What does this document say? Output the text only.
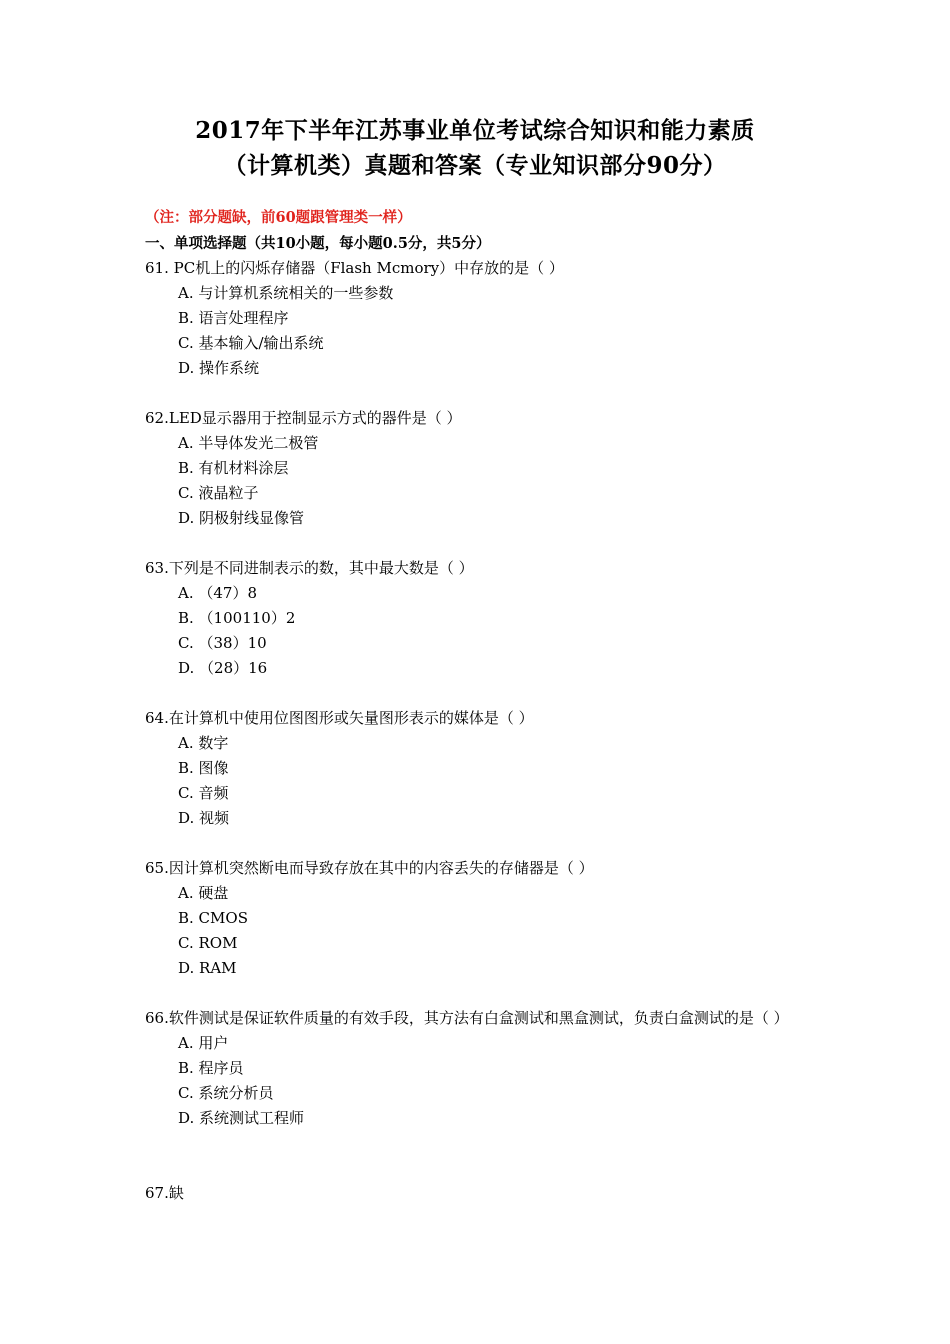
2017年下半年江苏事业单位考试综合知识和能力素质
（计算机类）真题和答案（专业知识部分90分）
（注：部分题缺，前60题跟管理类一样）
一、单项选择题（共10小题，每小题0.5分，共5分）
61. PC机上的闪烁存储器（Flash Mcmory）中存放的是（ ）
A. 与计算机系统相关的一些参数
B. 语言处理程序
C. 基本输入/输出系统
D. 操作系统
62.LED显示器用于控制显示方式的器件是（ ）
A. 半导体发光二极管
B. 有机材料涂层
C. 液晶粒子
D. 阴极射线显像管
63.下列是不同进制表示的数，其中最大数是（ ）
A. （47）8
B. （100110）2
C. （38）10
D. （28）16
64.在计算机中使用位图图形或矢量图形表示的媒体是（ ）
A. 数字
B. 图像
C. 音频
D. 视频
65.因计算机突然断电而导致存放在其中的内容丢失的存储器是（ ）
A. 硬盘
B. CMOS
C. ROM
D. RAM
66.软件测试是保证软件质量的有效手段，其方法有白盒测试和黑盒测试，负责白盒测试的是（ ）
A. 用户
B. 程序员
C. 系统分析员
D. 系统测试工程师
67.缺
